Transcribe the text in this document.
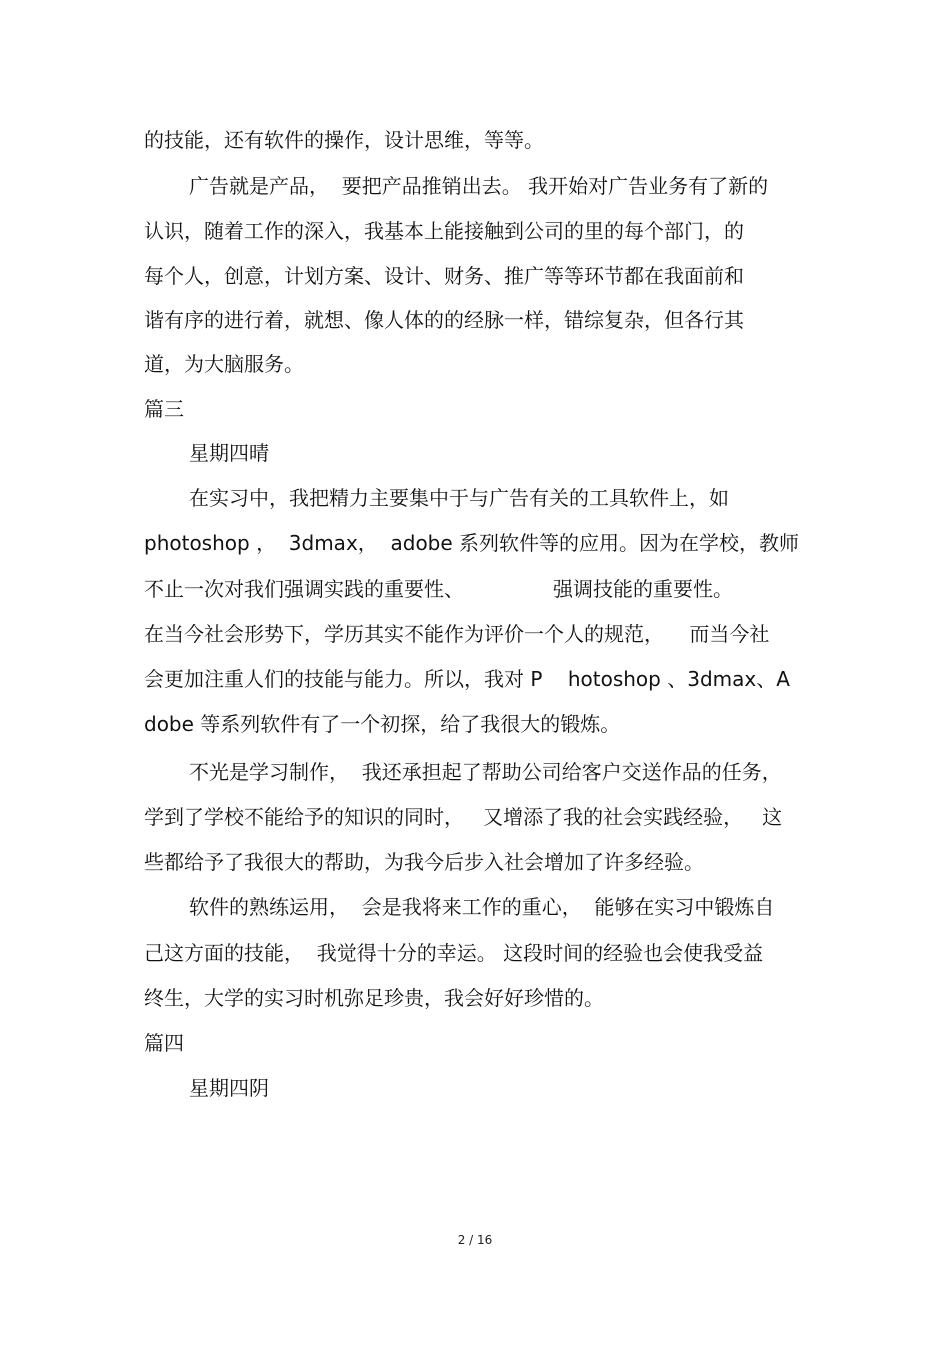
的技能，还有软件的操作，设计思维，等等。
广告就是产品，  要把产品推销出去。 我开始对广告业务有了新的
认识，随着工作的深入，我基本上能接触到公司的里的每个部门，的
每个人，创意，计划方案、设计、财务、推广等等环节都在我面前和
谐有序的进行着，就想、像人体的的经脉一样，错综复杂，但各行其
道，为大脑服务。
篇三
星期四晴
在实习中，我把精力主要集中于与广告有关的工具软件上，如
photoshop ，  3dmax，  adobe 系列软件等的应用。因为在学校，教师
不止一次对我们强调实践的重要性、              强调技能的重要性。
在当今社会形势下，学历其实不能作为评价一个人的规范，    而当今社
会更加注重人们的技能与能力。所以，我对 P    hotoshop 、3dmax、A
dobe 等系列软件有了一个初探，给了我很大的锻炼。
不光是学习制作，  我还承担起了帮助公司给客户交送作品的任务，
学到了学校不能给予的知识的同时，   又增添了我的社会实践经验，   这
些都给予了我很大的帮助，为我今后步入社会增加了许多经验。
软件的熟练运用，  会是我将来工作的重心，  能够在实习中锻炼自
己这方面的技能，  我觉得十分的幸运。 这段时间的经验也会使我受益
终生，大学的实习时机弥足珍贵，我会好好珍惜的。
篇四
星期四阴
2 / 16
